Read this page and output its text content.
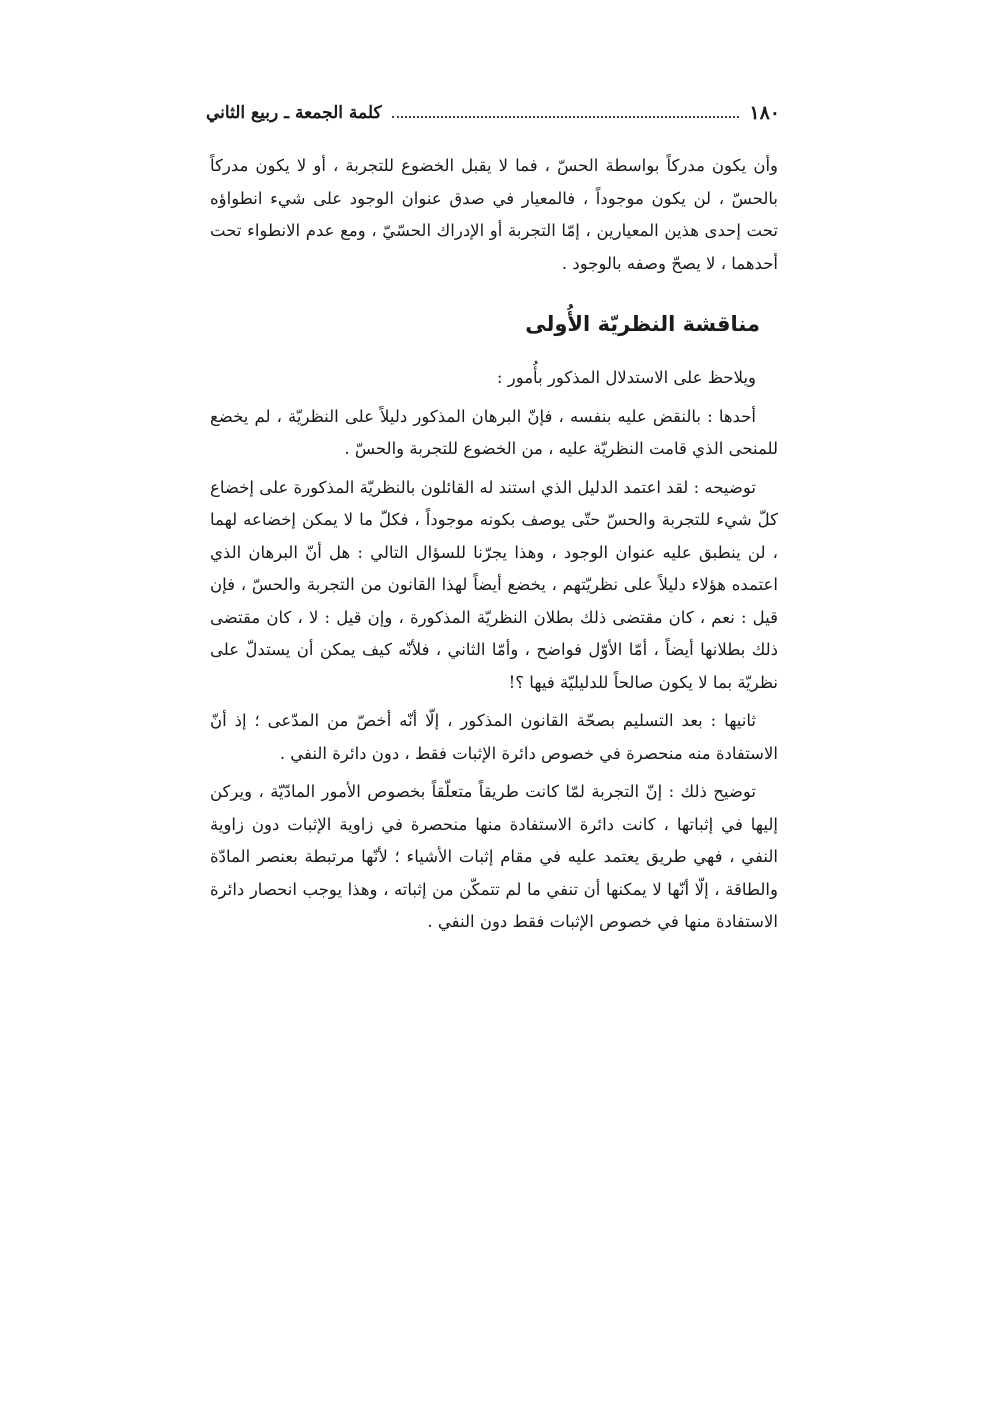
١٨٠
كلمة الجمعة ـ ربيع الثاني

وأن يكون مدركاً بواسطة الحسّ ، فما لا يقبل الخضوع للتجربة ، أو لا يكون مدركاً بالحسّ ، لن يكون موجوداً ، فالمعيار في صدق عنوان الوجود على شيء انطواؤه تحت إحدى هذين المعيارين ، إمّا التجربة أو الإدراك الحسّيّ ، ومع عدم الانطواء تحت أحدهما ، لا يصحّ وصفه بالوجود .

مناقشة النظريّة الأُولى

ويلاحظ على الاستدلال المذكور بأُمور :

أحدها : بالنقض عليه بنفسه ، فإنّ البرهان المذكور دليلاً على النظريّة ، لم يخضع للمنحى الذي قامت النظريّة عليه ، من الخضوع للتجربة والحسّ .

توضيحه : لقد اعتمد الدليل الذي استند له القائلون بالنظريّة المذكورة على إخضاع كلّ شيء للتجربة والحسّ حتّى يوصف بكونه موجوداً ، فكلّ ما لا يمكن إخضاعه لهما ، لن ينطبق عليه عنوان الوجود ، وهذا يجرّنا للسؤال التالي : هل أنّ البرهان الذي اعتمده هؤلاء دليلاً على نظريّتهم ، يخضع أيضاً لهذا القانون من التجربة والحسّ ، فإن قيل : نعم ، كان مقتضى ذلك بطلان النظريّة المذكورة ، وإن قيل : لا ، كان مقتضى ذلك بطلانها أيضاً ، أمّا الأوّل فواضح ، وأمّا الثاني ، فلأنّه كيف يمكن أن يستدلّ على نظريّة بما لا يكون صالحاً للدليليّة فيها ؟!

ثانيها : بعد التسليم بصحّة القانون المذكور ، إلّا أنّه أخصّ من المدّعى ؛ إذ أنّ الاستفادة منه منحصرة في خصوص دائرة الإثبات فقط ، دون دائرة النفي .

توضيح ذلك : إنّ التجربة لمّا كانت طريقاً متعلّقاً بخصوص الأمور المادّيّة ، ويركن إليها في إثباتها ، كانت دائرة الاستفادة منها منحصرة في زاوية الإثبات دون زاوية النفي ، فهي طريق يعتمد عليه في مقام إثبات الأشياء ؛ لأنّها مرتبطة بعنصر المادّة والطاقة ، إلّا أنّها لا يمكنها أن تنفي ما لم تتمكّن من إثباته ، وهذا يوجب انحصار دائرة الاستفادة منها في خصوص الإثبات فقط دون النفي .
